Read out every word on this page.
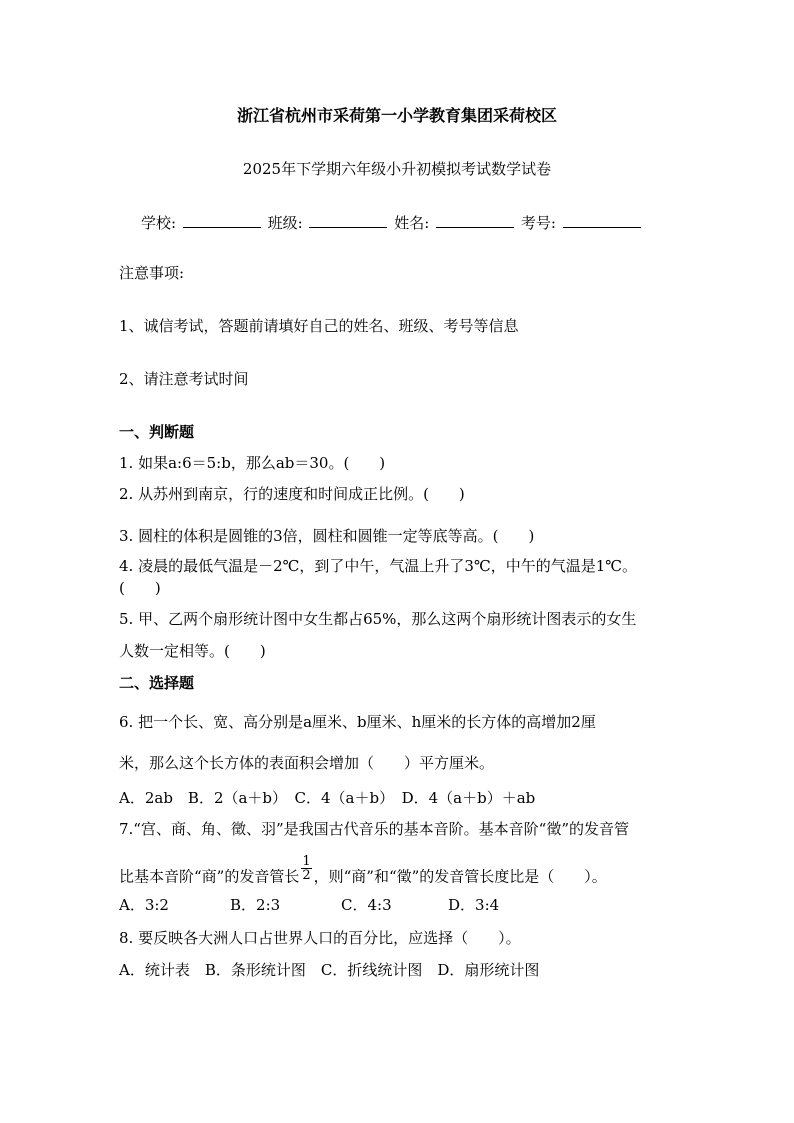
浙江省杭州市采荷第一小学教育集团采荷校区
2025年下学期六年级小升初模拟考试数学试卷
学校:	班级:	姓名:	考号:
注意事项:
1、诚信考试，答题前请填好自己的姓名、班级、考号等信息
2、请注意考试时间
一、判断题
1. 如果a:6＝5:b，那么ab＝30。(　　)
2. 从苏州到南京，行的速度和时间成正比例。(　　)
3. 圆柱的体积是圆锥的3倍，圆柱和圆锥一定等底等高。(　　)
4. 凌晨的最低气温是－2℃，到了中午，气温上升了3℃，中午的气温是1℃。
(　　)
5. 甲、乙两个扇形统计图中女生都占65%，那么这两个扇形统计图表示的女生
人数一定相等。(　　)
二、选择题
6. 把一个长、宽、高分别是a厘米、b厘米、h厘米的长方体的高增加2厘
米，那么这个长方体的表面积会增加（　　）平方厘米。
A．2ab　B．2（a＋b）　C．4（a＋b）　D．4（a＋b）＋ab
7.“宫、商、角、徵、羽”是我国古代音乐的基本音阶。基本音阶“徵”的发音管
比基本音阶“商”的发音管长 $\frac{1}{2}$ ，则“商”和“徵”的发音管长度比是（　　）。
A．3:2	B．2:3	C．4:3	D．3:4
8. 要反映各大洲人口占世界人口的百分比，应选择（　　）。
A．统计表　B．条形统计图　C．折线统计图　D．扇形统计图
